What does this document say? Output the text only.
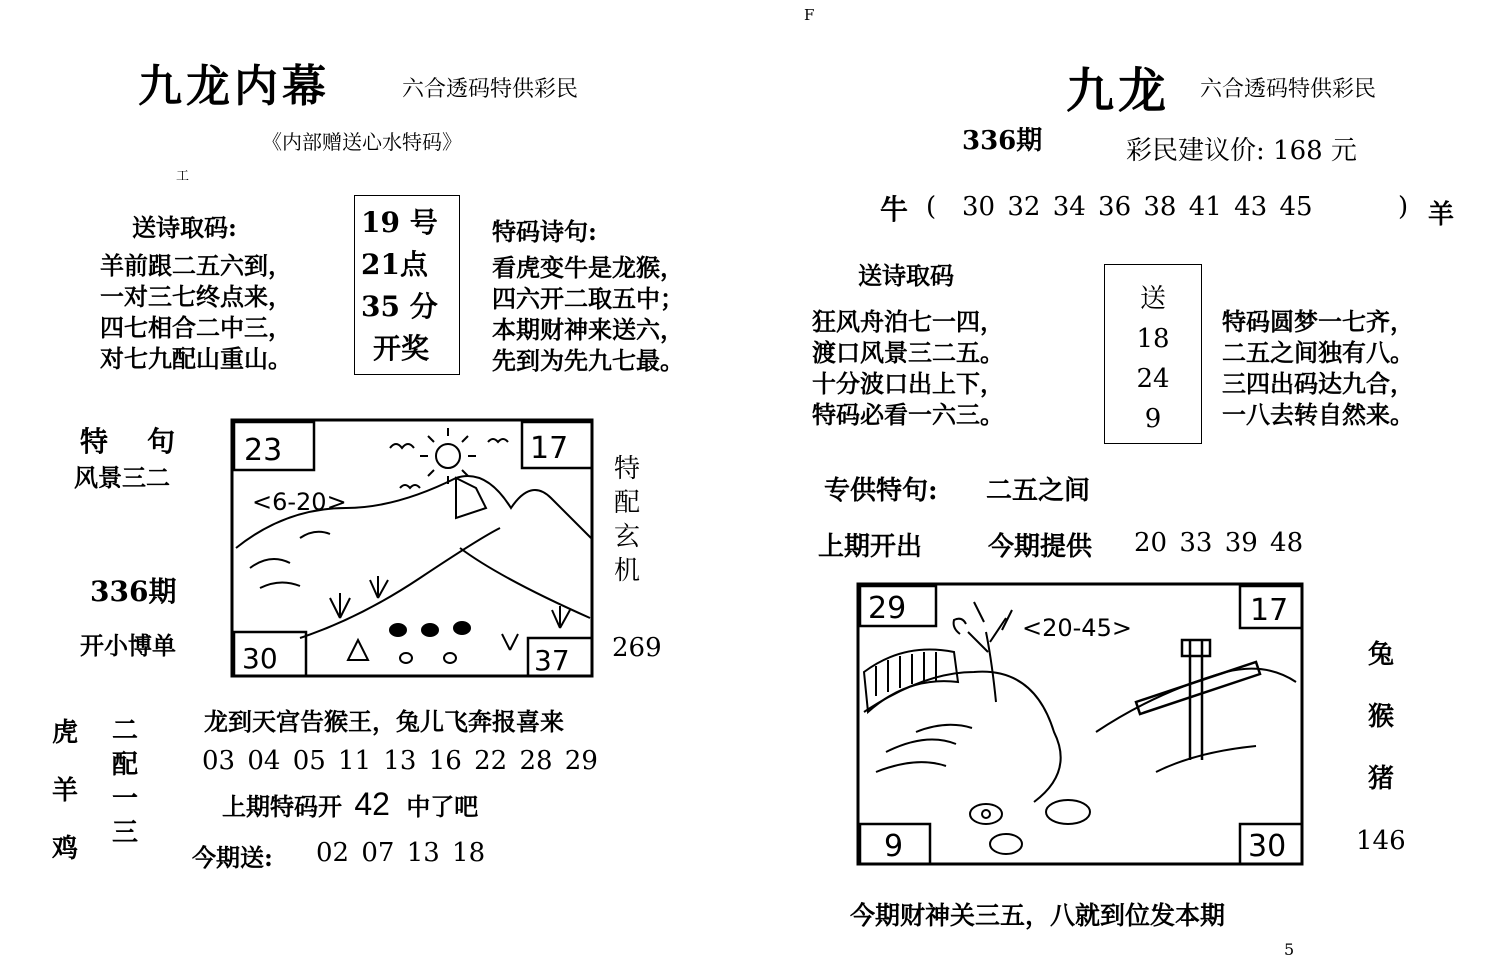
九龙内幕	六合透码特供彩民
《内部赠送心水特码》
工
送诗取码:
羊前跟二五六到，
一对三七终点来，
四七相合二中三，
对七九配山重山。
19 号
21点
35 分
开奖
特码诗句:
看虎变牛是龙猴，
四六开二取五中；
本期财神来送六，
先到为先九七最。
特    句
风景三二
336期
开小博单
特
配
玄
机
269
23	17
30	37
<6-20>
虎
羊
鸡
二
配
一
三
龙到天宫告猴王，兔儿飞奔报喜来
03 04 05 11 13 16 22 28 29
上期特码开 42 中了吧
今期送: 02 07 13 18
F
九龙 六合透码特供彩民
336期	彩民建议价: 168 元
牛 ( 30 32 34 36 38 41 43 45	) 羊
送诗取码
狂风舟泊七一四，
渡口风景三二五。
十分波口出上下，
特码必看一六三。
送
18
24
9
特码圆梦一七齐，
二五之间独有八。
三四出码达九合，
一八去转自然来。
专供特句: 二五之间
上期开出	今期提供 20 33 39 48
29	17
9	30
<20-45>
兔
猴
猪
146
今期财神关三五，八就到位发本期
5
